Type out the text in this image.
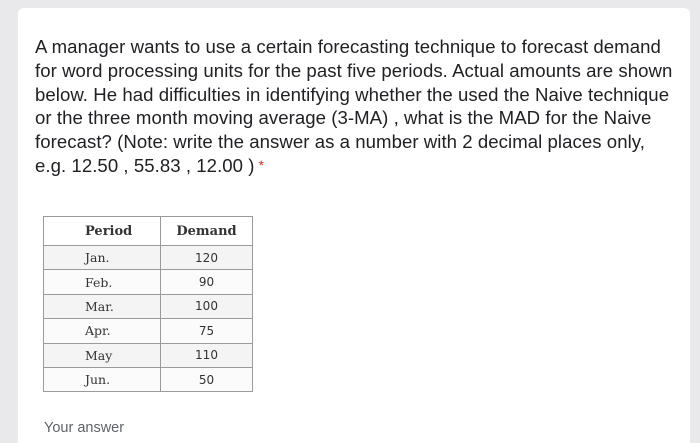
A manager wants to use a certain forecasting technique to forecast demand for word processing units for the past five periods. Actual amounts are shown below. He had difficulties in identifying whether the used the Naive technique or the three month moving average (3-MA) , what is the MAD for the Naive forecast? (Note: write the answer as a number with 2 decimal places only, e.g. 12.50 , 55.83 , 12.00 ) *

Period	Demand
Jan.	120
Feb.	90
Mar.	100
Apr.	75
May	110
Jun.	50
Your answer
